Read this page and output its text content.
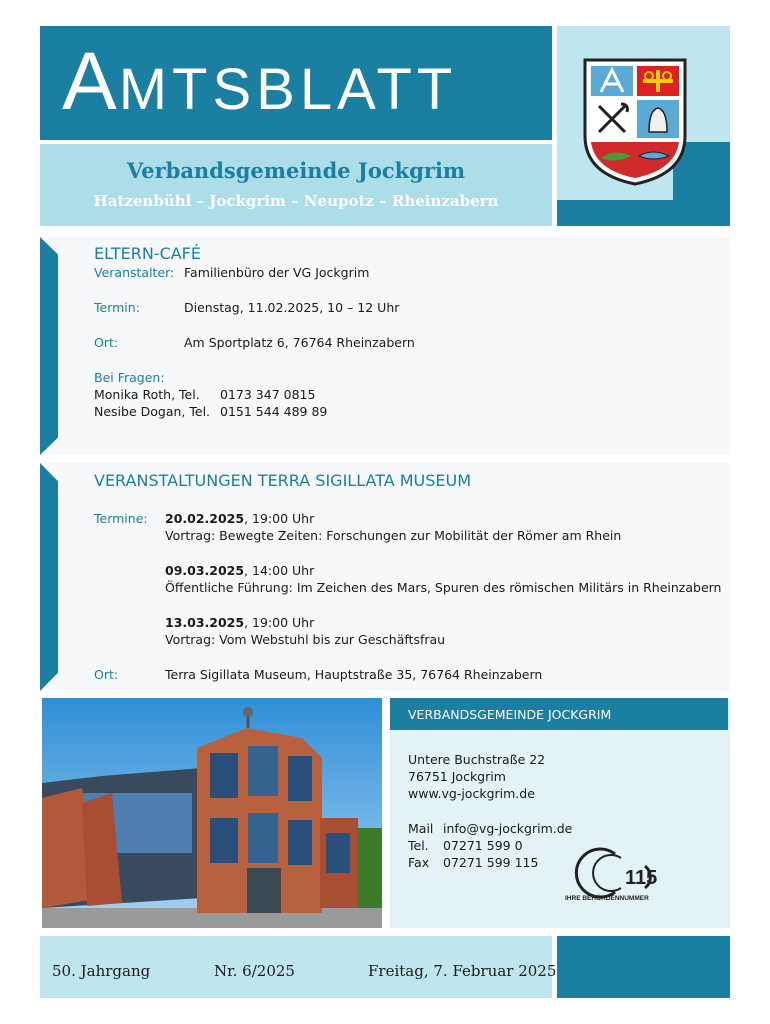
AMTSBLATT
Verbandsgemeinde Jockgrim
Hatzenbühl – Jockgrim – Neupotz – Rheinzabern
ELTERN-CAFÉ
Veranstalter: Familienbüro der VG Jockgrim
Termin:	Dienstag, 11.02.2025, 10 – 12 Uhr
Ort:	Am Sportplatz 6, 76764 Rheinzabern
Bei Fragen:
Monika Roth, Tel. 0173 347 0815
Nesibe Dogan, Tel. 0151 544 489 89
VERANSTALTUNGEN TERRA SIGILLATA MUSEUM
Termine: 20.02.2025, 19:00 Uhr
Vortrag: Bewegte Zeiten: Forschungen zur Mobilität der Römer am Rhein
09.03.2025, 14:00 Uhr
Öffentliche Führung: Im Zeichen des Mars, Spuren des römischen Militärs in Rheinzabern
13.03.2025, 19:00 Uhr
Vortrag: Vom Webstuhl bis zur Geschäftsfrau
Ort:	Terra Sigillata Museum, Hauptstraße 35, 76764 Rheinzabern
VERBANDSGEMEINDE JOCKGRIM
Untere Buchstraße 22
76751 Jockgrim
www.vg-jockgrim.de
Mail info@vg-jockgrim.de
Tel. 07271 599 0
Fax 07271 599 115
115
IHRE BEHÖRDENNUMMER
50. Jahrgang	Nr. 6/2025	Freitag, 7. Februar 2025
